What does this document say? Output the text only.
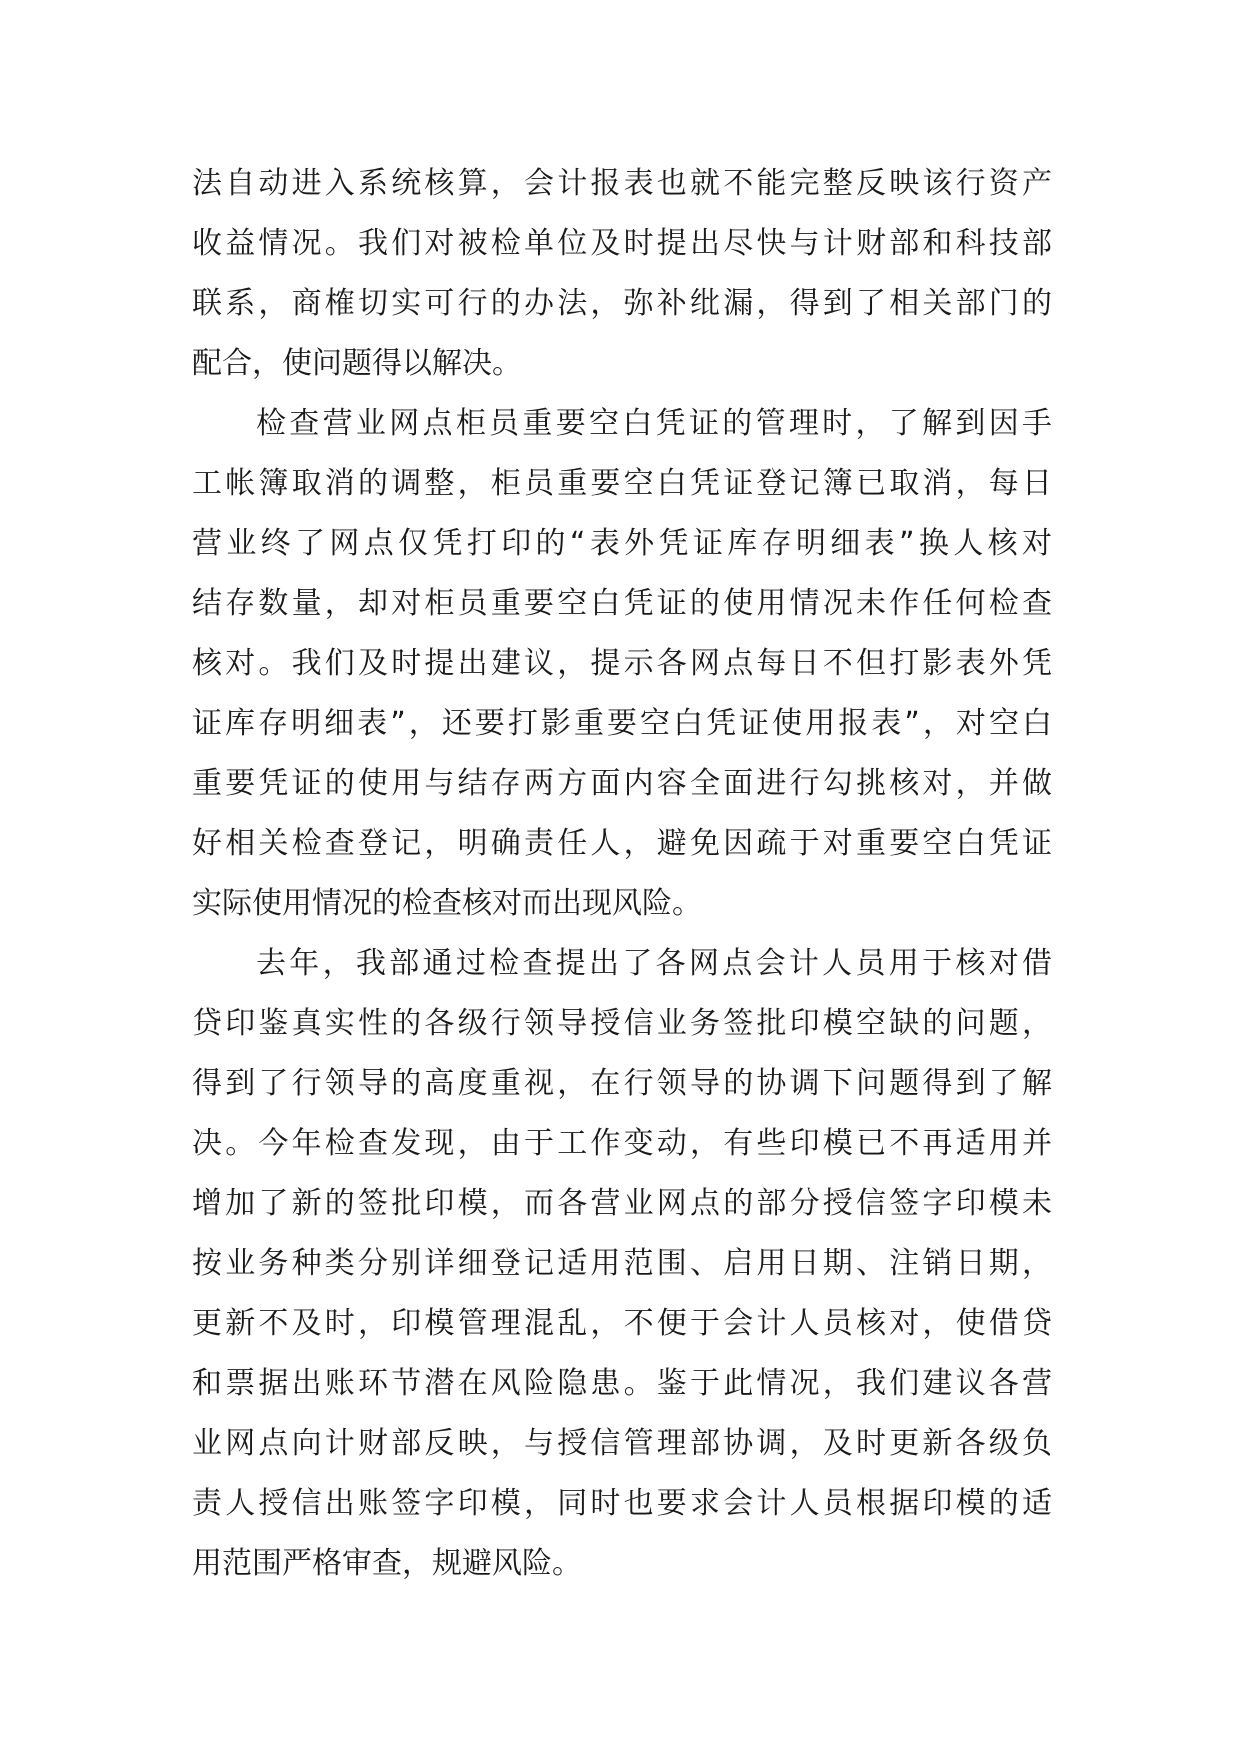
法自动进入系统核算，会计报表也就不能完整反映该行资产
收益情况。我们对被检单位及时提出尽快与计财部和科技部
联系，商榷切实可行的办法，弥补纰漏，得到了相关部门的
配合，使问题得以解决。
检查营业网点柜员重要空白凭证的管理时，了解到因手
工帐簿取消的调整，柜员重要空白凭证登记簿已取消，每日
营业终了网点仅凭打印的“表外凭证库存明细表”换人核对
结存数量，却对柜员重要空白凭证的使用情况未作任何检查
核对。我们及时提出建议，提示各网点每日不但打影表外凭
证库存明细表”，还要打影重要空白凭证使用报表”，对空白
重要凭证的使用与结存两方面内容全面进行勾挑核对，并做
好相关检查登记，明确责任人，避免因疏于对重要空白凭证
实际使用情况的检查核对而出现风险。
去年，我部通过检查提出了各网点会计人员用于核对借
贷印鉴真实性的各级行领导授信业务签批印模空缺的问题，
得到了行领导的高度重视，在行领导的协调下问题得到了解
决。今年检查发现，由于工作变动，有些印模已不再适用并
增加了新的签批印模，而各营业网点的部分授信签字印模未
按业务种类分别详细登记适用范围、启用日期、注销日期，
更新不及时，印模管理混乱，不便于会计人员核对，使借贷
和票据出账环节潜在风险隐患。鉴于此情况，我们建议各营
业网点向计财部反映，与授信管理部协调，及时更新各级负
责人授信出账签字印模，同时也要求会计人员根据印模的适
用范围严格审查，规避风险。
